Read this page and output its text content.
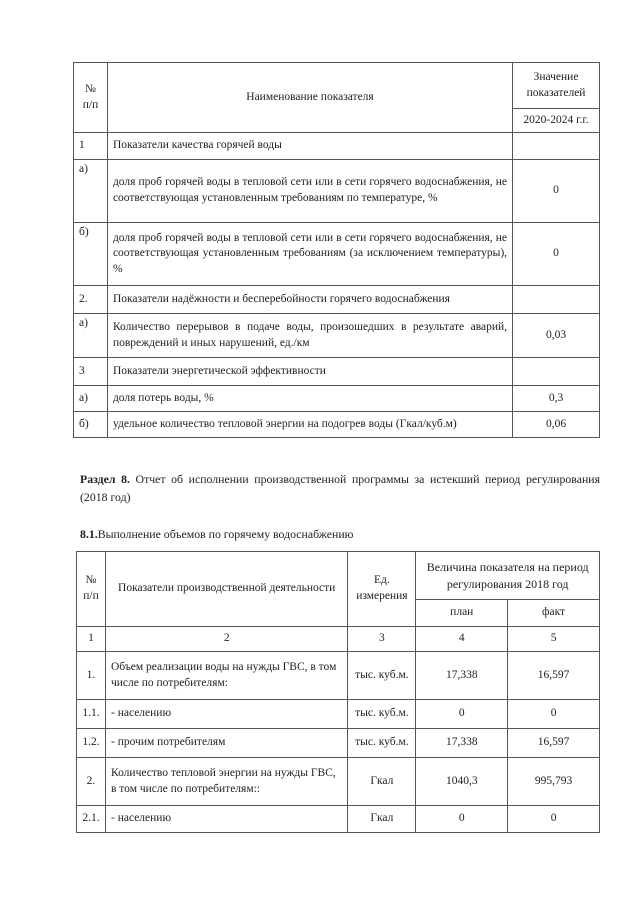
№ п/п	Наименование показателя	Значение показателей
		2020-2024 г.г.
1	Показатели качества горячей воды	
а)	доля проб горячей воды в тепловой сети или в сети горячего водоснабжения, не соответствующая установленным требованиям по температуре, %	0
б)	доля проб горячей воды в тепловой сети или в сети горячего водоснабжения, не соответствующая установленным требованиям (за исключением температуры), %	0
2.	Показатели надёжности и бесперебойности горячего водоснабжения	
а)	Количество перерывов в подаче воды, произошедших в результате аварий, повреждений и иных нарушений, ед./км	0,03
3	Показатели энергетической эффективности	
а)	доля потерь воды, %	0,3
б)	удельное количество тепловой энергии на подогрев воды (Гкал/куб.м)	0,06
Раздел 8. Отчет об исполнении производственной программы за истекший период регулирования (2018 год)
8.1.Выполнение объемов по горячему водоснабжению
№ п/п	Показатели производственной деятельности	Ед. измерения	Величина показателя на период регулирования 2018 год	
			план	факт
1	2	3	4	5
1.	Объем реализации воды на нужды ГВС, в том числе по потребителям:	тыс. куб.м.	17,338	16,597
1.1.	- населению	тыс. куб.м.	0	0
1.2.	- прочим потребителям	тыс. куб.м.	17,338	16,597
2.	Количество тепловой энергии на нужды ГВС, в том числе по потребителям::	Гкал	1040,3	995,793
2.1.	- населению	Гкал	0	0
